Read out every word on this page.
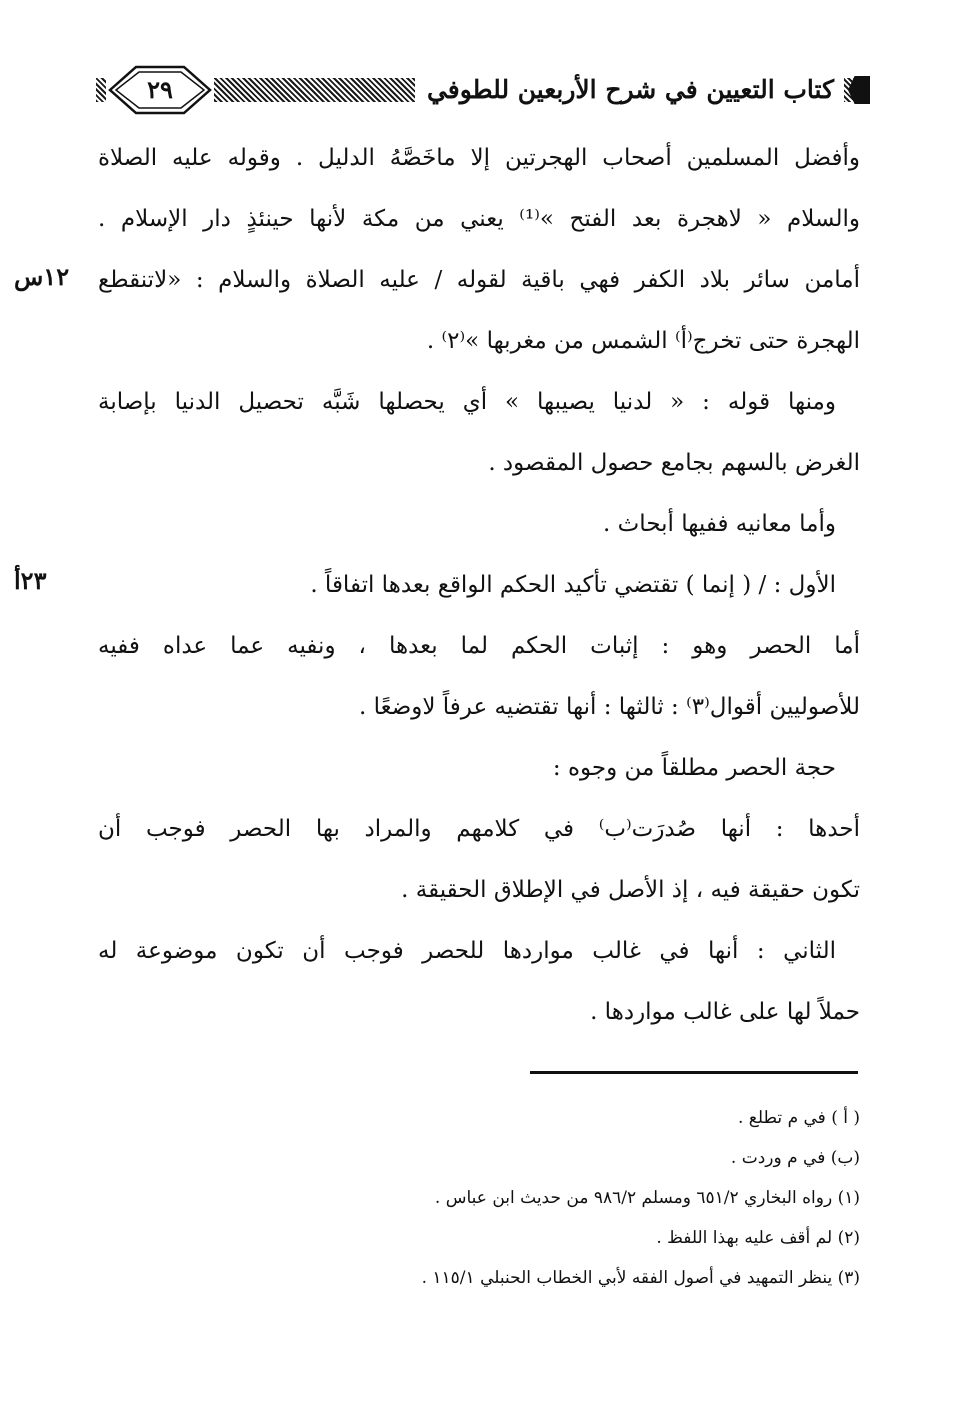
كتاب التعيين في شرح الأربعين للطوفي
٢٩
وأفضل المسلمين أصحاب الهجرتين إلا ماخَصَّهُ الدليل . وقوله عليه الصلاة
والسلام « لاهجرة بعد الفتح »⁽¹⁾ يعني من مكة لأنها حينئذٍ دار الإسلام .
أمامن سائر بلاد الكفر فهي باقية لقوله / عليه الصلاة والسلام : «لاتنقطع
الهجرة حتى تخرج⁽أ⁾ الشمس من مغربها »⁽٢⁾ .
ومنها قوله : « لدنيا يصيبها » أي يحصلها شَبَّه تحصيل الدنيا بإصابة
الغرض بالسهم بجامع حصول المقصود .
وأما معانيه ففيها أبحاث .
الأول : / ( إنما ) تقتضي تأكيد الحكم الواقع بعدها اتفاقاً .
أما الحصر وهو : إثبات الحكم لما بعدها ، ونفيه عما عداه ففيه
للأصوليين أقوال⁽٣⁾ : ثالثها : أنها تقتضيه عرفاً لاوضعًا .
حجة الحصر مطلقاً من وجوه :
أحدها : أنها صُدرَت⁽ب⁾ في كلامهم والمراد بها الحصر فوجب أن
تكون حقيقة فيه ، إذ الأصل في الإطلاق الحقيقة .
الثاني : أنها في غالب مواردها للحصر فوجب أن تكون موضوعة له
حملاً لها على غالب مواردها .
١٢س
٢٣أ
( أ ) في م تطلع .
(ب) في م وردت .
(١) رواه البخاري ٦٥١/٢ ومسلم ٩٨٦/٢ من حديث ابن عباس .
(٢) لم أقف عليه بهذا اللفظ .
(٣) ينظر التمهيد في أصول الفقه لأبي الخطاب الحنبلي ١١٥/١ .
